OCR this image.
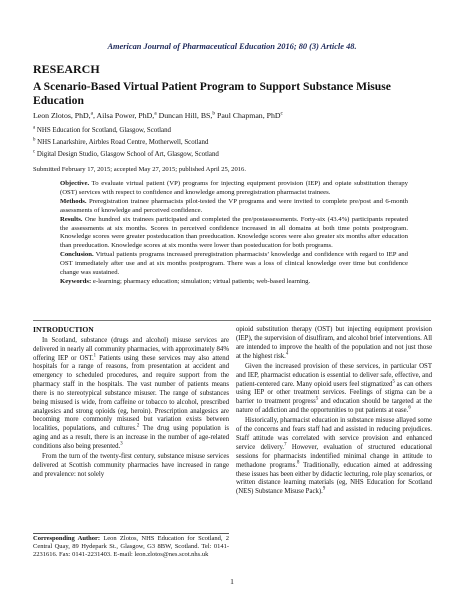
American Journal of Pharmaceutical Education 2016; 80 (3) Article 48.
RESEARCH
A Scenario-Based Virtual Patient Program to Support Substance Misuse Education
Leon Zlotos, PhD,$^a$, Ailsa Power, PhD,$^a$ Duncan Hill, BS,$^b$ Paul Chapman, PhD$^c$
$^a$ NHS Education for Scotland, Glasgow, Scotland
$^b$ NHS Lanarkshire, Airbles Road Centre, Motherwell, Scotland
$^c$ Digital Design Studio, Glasgow School of Art, Glasgow, Scotland
Submitted February 17, 2015; accepted May 27, 2015; published April 25, 2016.

Objective. To evaluate virtual patient (VP) programs for injecting equipment provision (IEP) and opiate substitution therapy (OST) services with respect to confidence and knowledge among preregistration pharmacist trainees.

Methods. Preregistration trainee pharmacists pilot-tested the VP programs and were invited to complete pre/post and 6-month assessments of knowledge and perceived confidence.

Results. One hundred six trainees participated and completed the pre/postassessments. Forty-six (43.4%) participants repeated the assessments at six months. Scores in perceived confidence increased in all domains at both time points postprogram. Knowledge scores were greater posteducation than preeducation. Knowledge scores were also greater six months after education than preeducation. Knowledge scores at six months were lower than posteducation for both programs.

Conclusion. Virtual patients programs increased preregistration pharmacists’ knowledge and confidence with regard to IEP and OST immediately after use and at six months postprogram. There was a loss of clinical knowledge over time but confidence change was sustained.

Keywords: e-learning; pharmacy education; simulation; virtual patients; web-based learning.

INTRODUCTION

In Scotland, substance (drugs and alcohol) misuse services are delivered in nearly all community pharmacies, with approximately 84% offering IEP or OST.$^1$ Patients using these services may also attend hospitals for a range of reasons, from presentation at accident and emergency to scheduled procedures, and require support from the pharmacy staff in the hospitals. The vast number of patients means there is no stereotypical substance misuser. The range of substances being misused is wide, from caffeine or tobacco to alcohol, prescribed analgesics and strong opioids (eg, heroin). Prescription analgesics are becoming more commonly misused but variation exists between localities, populations, and cultures.$^2$ The drug using population is aging and as a result, there is an increase in the number of age-related conditions also being presented.$^3$

From the turn of the twenty-first century, substance misuse services delivered at Scottish community pharmacies have increased in range and prevalence: not solely

Corresponding Author: Leon Zlotos, NHS Education for Scotland, 2 Central Quay, 89 Hydepark St., Glasgow, G3 8BW, Scotland. Tel: 0141-2231616. Fax: 0141-2231403. E-mail: leon.zlotos@nes.scot.nhs.uk

opioid substitution therapy (OST) but injecting equipment provision (IEP), the supervision of disulfiram, and alcohol brief interventions. All are intended to improve the health of the population and not just those at the highest risk.$^4$

Given the increased provision of these services, in particular OST and IEP, pharmacist education is essential to deliver safe, effective, and patient-centered care. Many opioid users feel stigmatized$^5$ as can others using IEP or other treatment services. Feelings of stigma can be a barrier to treatment progress$^5$ and education should be targeted at the nature of addiction and the opportunities to put patients at ease.$^6$

Historically, pharmacist education in substance misuse allayed some of the concerns and fears staff had and assisted in reducing prejudices. Staff attitude was correlated with service provision and enhanced service delivery.$^7$ However, evaluation of structured educational sessions for pharmacists indentified minimal change in attitude to methadone programs.$^8$ Traditionally, education aimed at addressing these issues has been either by didactic lecturing, role play scenarios, or written distance learning materials (eg, NHS Education for Scotland (NES) Substance Misuse Pack).$^9$

1
